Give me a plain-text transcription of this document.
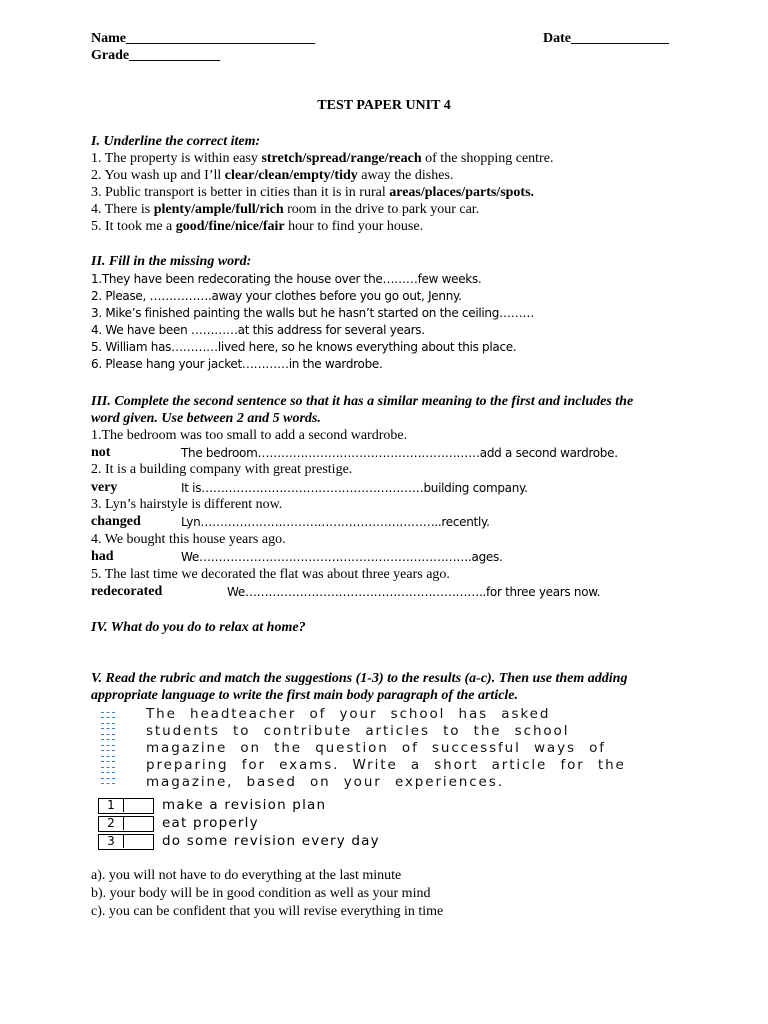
Name___________________________	Date______________
Grade_____________
TEST PAPER UNIT 4
I. Underline the correct item:
1. The property is within easy stretch/spread/range/reach of the shopping centre.
2. You wash up and I’ll clear/clean/empty/tidy away the dishes.
3. Public transport is better in cities than it is in rural areas/places/parts/spots.
4. There is plenty/ample/full/rich room in the drive to park your car.
5. It took me a good/fine/nice/fair hour to find your house.
II. Fill in the missing word:
1.They have been redecorating the house over the………few weeks.
2. Please, …………….away your clothes before you go out, Jenny.
3. Mike’s finished painting the walls but he hasn’t started on the ceiling………
4. We have been …………at this address for several years.
5. William has…………lived here, so he knows everything about this place.
6. Please hang your jacket…………in the wardrobe.
III. Complete the second sentence so that it has a similar meaning to the first and includes the
word given. Use between 2 and 5 words.
1.The bedroom was too small to add a second wardrobe.
not	The bedroom…………………………………………………add a second wardrobe.
2. It is a building company with great prestige.
very	It is…………………………………………………building company.
3. Lyn’s hairstyle is different now.
changed	Lyn……………………………………………………..recently.
4. We bought this house years ago.
had	We…………………………………………………………….ages.
5. The last time we decorated the flat was about three years ago.
redecorated	We……………………………………………………..for three years now.
IV. What do you do to relax at home?
V. Read the rubric and match the suggestions (1-3) to the results (a-c). Then use them adding
appropriate language to write the first main body paragraph of the article.
The headteacher of your school has asked
students to contribute articles to the school
magazine on the question of successful ways of
preparing for exams. Write a short article for the
magazine, based on your experiences.
1	make a revision plan
2	eat properly
3	do some revision every day
a). you will not have to do everything at the last minute
b). your body will be in good condition as well as your mind
c). you can be confident that you will revise everything in time
